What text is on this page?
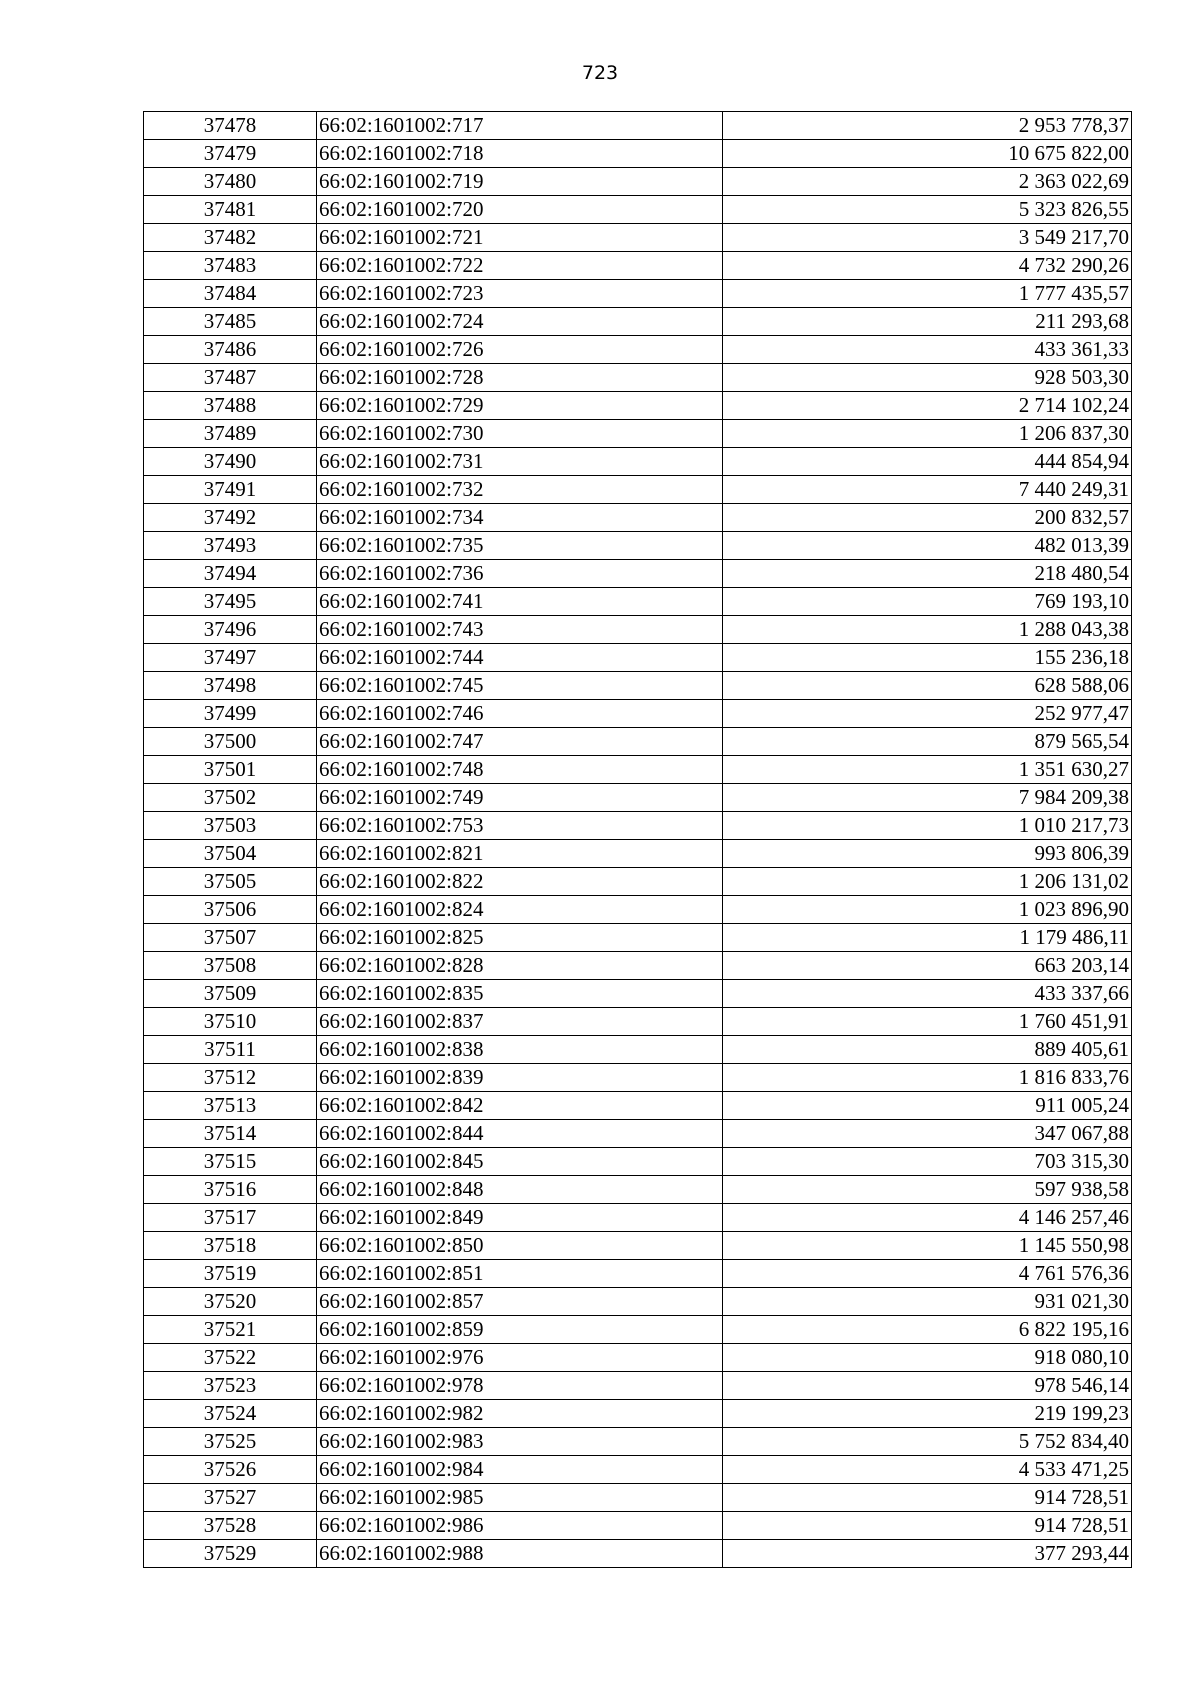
723
37478	66:02:1601002:717	2 953 778,37
37479	66:02:1601002:718	10 675 822,00
37480	66:02:1601002:719	2 363 022,69
37481	66:02:1601002:720	5 323 826,55
37482	66:02:1601002:721	3 549 217,70
37483	66:02:1601002:722	4 732 290,26
37484	66:02:1601002:723	1 777 435,57
37485	66:02:1601002:724	211 293,68
37486	66:02:1601002:726	433 361,33
37487	66:02:1601002:728	928 503,30
37488	66:02:1601002:729	2 714 102,24
37489	66:02:1601002:730	1 206 837,30
37490	66:02:1601002:731	444 854,94
37491	66:02:1601002:732	7 440 249,31
37492	66:02:1601002:734	200 832,57
37493	66:02:1601002:735	482 013,39
37494	66:02:1601002:736	218 480,54
37495	66:02:1601002:741	769 193,10
37496	66:02:1601002:743	1 288 043,38
37497	66:02:1601002:744	155 236,18
37498	66:02:1601002:745	628 588,06
37499	66:02:1601002:746	252 977,47
37500	66:02:1601002:747	879 565,54
37501	66:02:1601002:748	1 351 630,27
37502	66:02:1601002:749	7 984 209,38
37503	66:02:1601002:753	1 010 217,73
37504	66:02:1601002:821	993 806,39
37505	66:02:1601002:822	1 206 131,02
37506	66:02:1601002:824	1 023 896,90
37507	66:02:1601002:825	1 179 486,11
37508	66:02:1601002:828	663 203,14
37509	66:02:1601002:835	433 337,66
37510	66:02:1601002:837	1 760 451,91
37511	66:02:1601002:838	889 405,61
37512	66:02:1601002:839	1 816 833,76
37513	66:02:1601002:842	911 005,24
37514	66:02:1601002:844	347 067,88
37515	66:02:1601002:845	703 315,30
37516	66:02:1601002:848	597 938,58
37517	66:02:1601002:849	4 146 257,46
37518	66:02:1601002:850	1 145 550,98
37519	66:02:1601002:851	4 761 576,36
37520	66:02:1601002:857	931 021,30
37521	66:02:1601002:859	6 822 195,16
37522	66:02:1601002:976	918 080,10
37523	66:02:1601002:978	978 546,14
37524	66:02:1601002:982	219 199,23
37525	66:02:1601002:983	5 752 834,40
37526	66:02:1601002:984	4 533 471,25
37527	66:02:1601002:985	914 728,51
37528	66:02:1601002:986	914 728,51
37529	66:02:1601002:988	377 293,44
